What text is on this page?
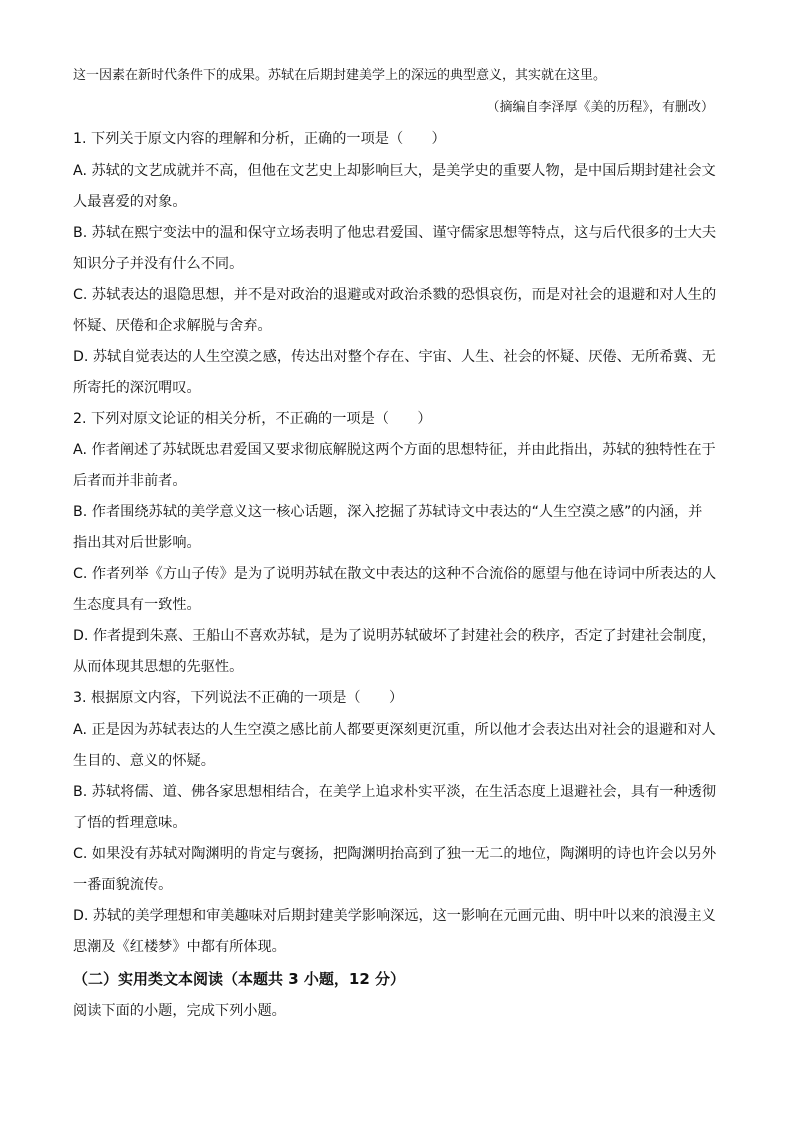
这一因素在新时代条件下的成果。苏轼在后期封建美学上的深远的典型意义，其实就在这里。
（摘编自李泽厚《美的历程》，有删改）
1. 下列关于原文内容的理解和分析，正确的一项是（　　）
A. 苏轼的文艺成就并不高，但他在文艺史上却影响巨大，是美学史的重要人物，是中国后期封建社会文
人最喜爱的对象。
B. 苏轼在熙宁变法中的温和保守立场表明了他忠君爱国、谨守儒家思想等特点，这与后代很多的士大夫
知识分子并没有什么不同。
C. 苏轼表达的退隐思想，并不是对政治的退避或对政治杀戮的恐惧哀伤，而是对社会的退避和对人生的
怀疑、厌倦和企求解脱与舍弃。
D. 苏轼自觉表达的人生空漠之感，传达出对整个存在、宇宙、人生、社会的怀疑、厌倦、无所希冀、无
所寄托的深沉喟叹。
2. 下列对原文论证的相关分析，不正确的一项是（　　）
A. 作者阐述了苏轼既忠君爱国又要求彻底解脱这两个方面的思想特征，并由此指出，苏轼的独特性在于
后者而并非前者。
B. 作者围绕苏轼的美学意义这一核心话题，深入挖掘了苏轼诗文中表达的“人生空漠之感”的内涵，并
指出其对后世影响。
C. 作者列举《方山子传》是为了说明苏轼在散文中表达的这种不合流俗的愿望与他在诗词中所表达的人
生态度具有一致性。
D. 作者提到朱熹、王船山不喜欢苏轼，是为了说明苏轼破坏了封建社会的秩序，否定了封建社会制度，
从而体现其思想的先驱性。
3. 根据原文内容，下列说法不正确的一项是（　　）
A. 正是因为苏轼表达的人生空漠之感比前人都要更深刻更沉重，所以他才会表达出对社会的退避和对人
生目的、意义的怀疑。
B. 苏轼将儒、道、佛各家思想相结合，在美学上追求朴实平淡，在生活态度上退避社会，具有一种透彻
了悟的哲理意味。
C. 如果没有苏轼对陶渊明的肯定与褒扬，把陶渊明抬高到了独一无二的地位，陶渊明的诗也许会以另外
一番面貌流传。
D. 苏轼的美学理想和审美趣味对后期封建美学影响深远，这一影响在元画元曲、明中叶以来的浪漫主义
思潮及《红楼梦》中都有所体现。
（二）实用类文本阅读（本题共 3 小题，12 分）
阅读下面的小题，完成下列小题。
